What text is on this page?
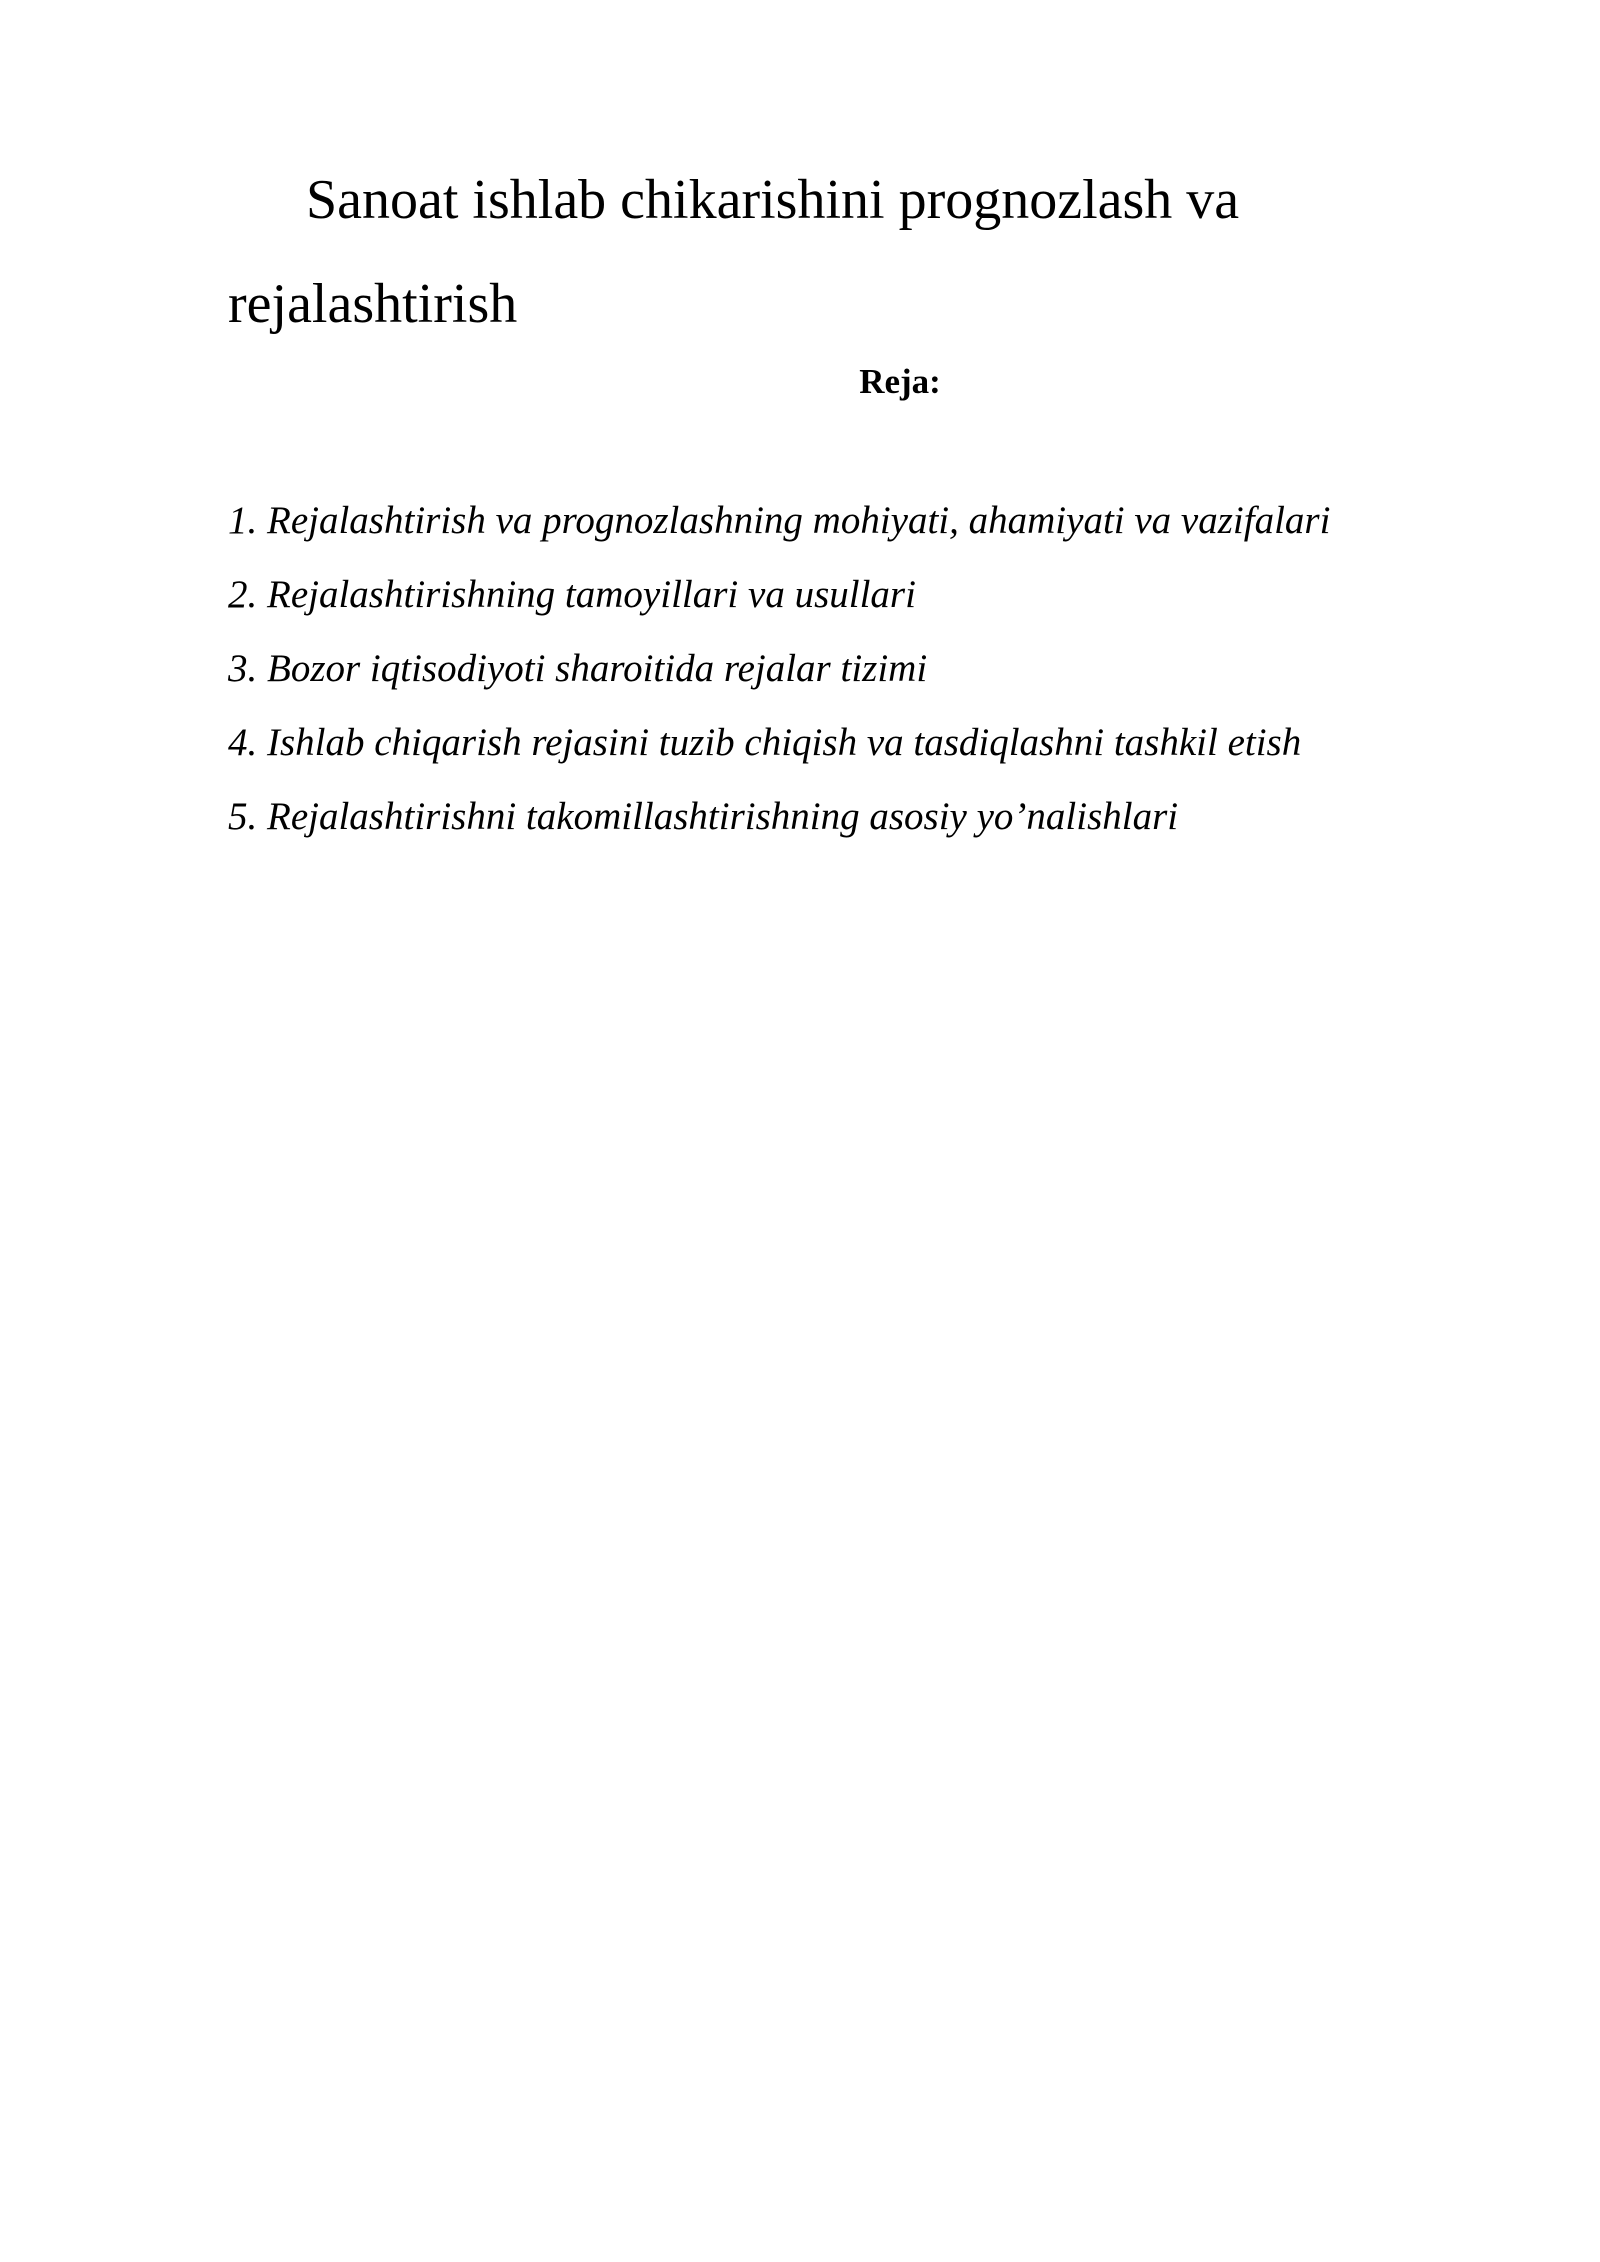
Sanoat ishlab chikarishini prognozlash va rejalashtirish

Reja:

1. Rejalashtirish va prognozlashning mohiyati, ahamiyati va vazifalari
2. Rejalashtirishning tamoyillari va usullari
3. Bozor iqtisodiyoti sharoitida rejalar tizimi
4. Ishlab chiqarish rejasini tuzib chiqish va tasdiqlashni tashkil etish
5. Rejalashtirishni takomillashtirishning asosiy yo’nalishlari
